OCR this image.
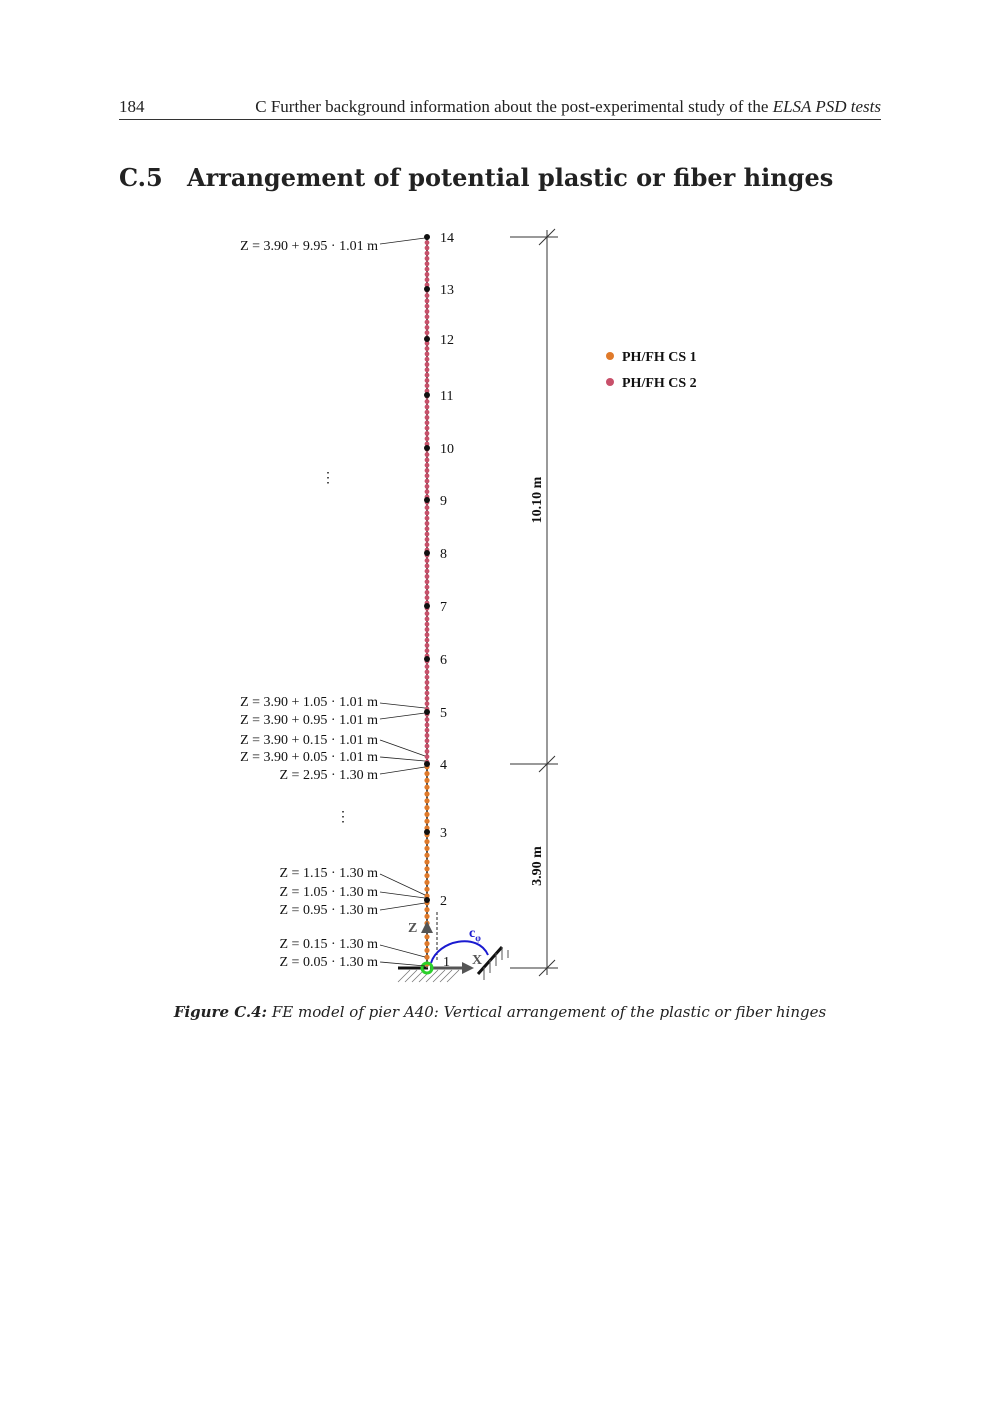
184	C Further background information about the post-experimental study of the ELSA PSD tests
C.5 Arrangement of potential plastic or fiber hinges
10.10 m
3.90 m
1
2
3
4
5
6
7
8
9
10
11
12
13
14
Z
X
$c_\varphi$
Z = 3.90 + 9.95 · 1.01 m
Z = 3.90 + 1.05 · 1.01 m
Z = 3.90 + 0.95 · 1.01 m
Z = 3.90 + 0.15 · 1.01 m
Z = 3.90 + 0.05 · 1.01 m
Z = 2.95 · 1.30 m
Z = 1.15 · 1.30 m
Z = 1.05 · 1.30 m
Z = 0.95 · 1.30 m
Z = 0.15 · 1.30 m
Z = 0.05 · 1.30 m
⋮
⋮
PH/FH CS 1
PH/FH CS 2
Figure C.4: FE model of pier A40: Vertical arrangement of the plastic or fiber hinges
